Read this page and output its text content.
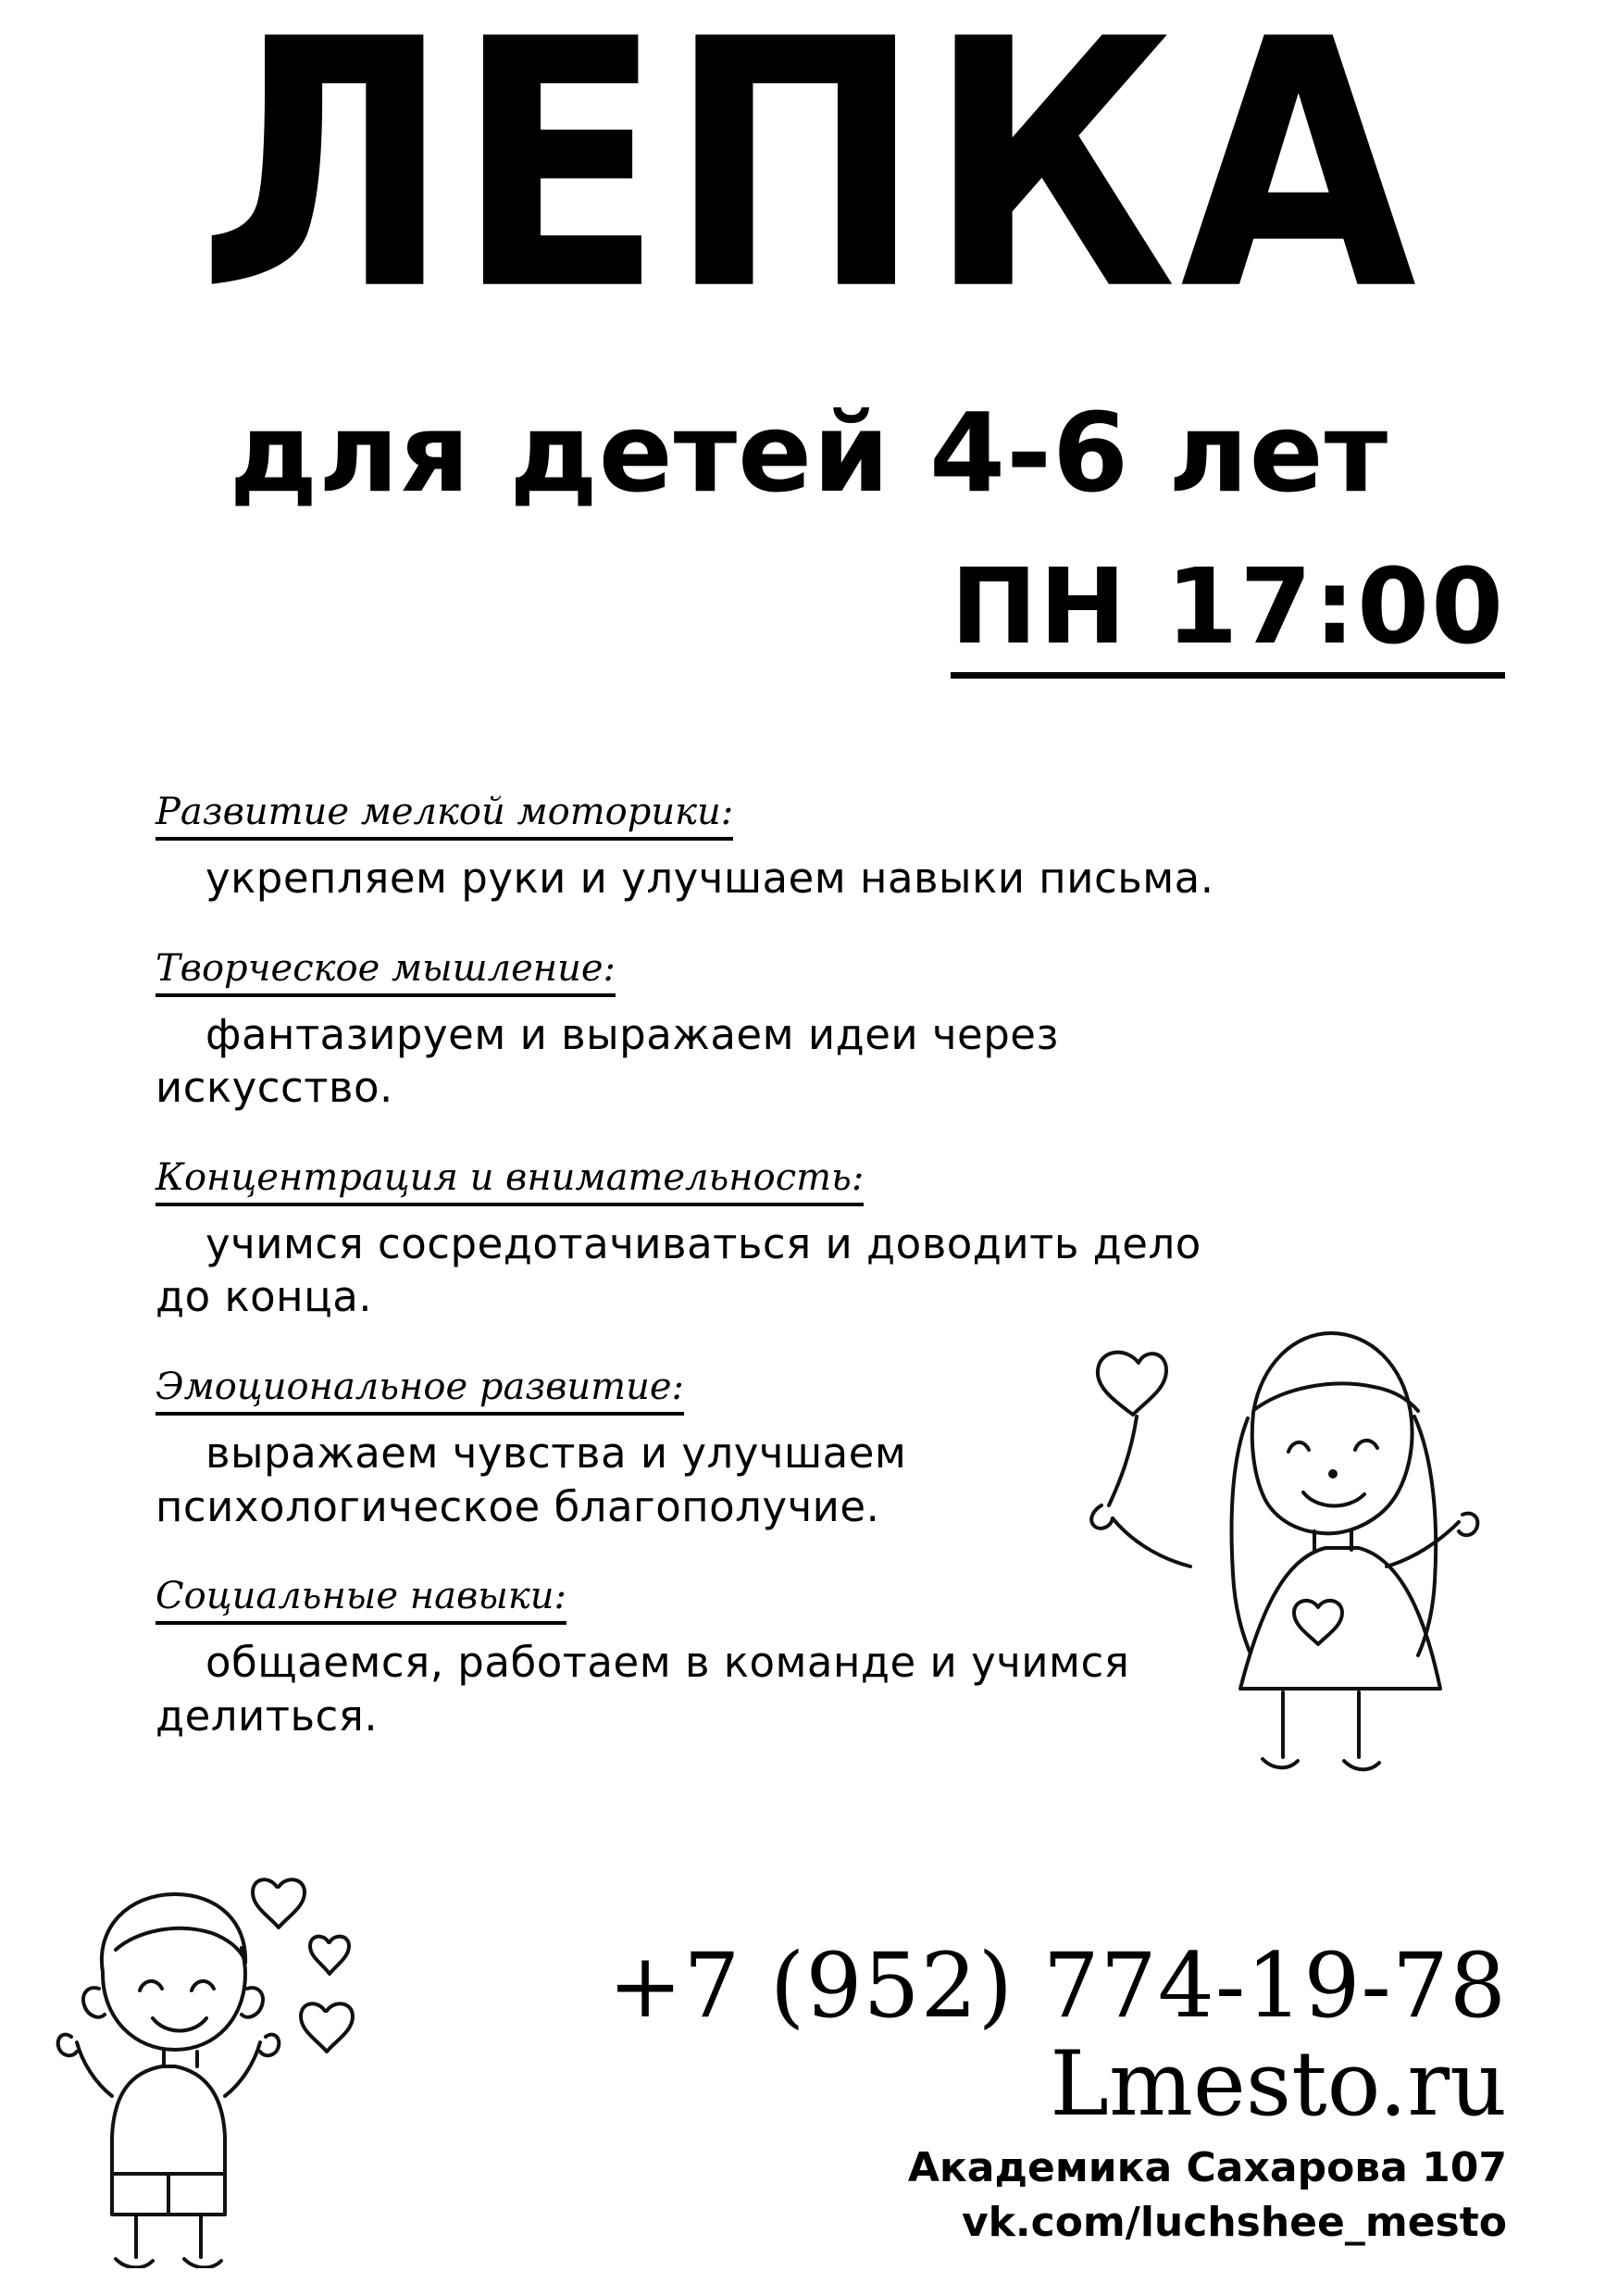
ЛЕПКА
для детей 4-6 лет
ПН 17:00
Развитие мелкой моторики:
укрепляем руки и улучшаем навыки письма.
Творческое мышление:
фантазируем и выражаем идеи через искусство.
Концентрация и внимательность:
учимся сосредотачиваться и доводить дело до конца.
Эмоциональное развитие:
выражаем чувства и улучшаем психологическое благополучие.
Социальные навыки:
общаемся, работаем в команде и учимся делиться.
+7 (952) 774-19-78
Lmesto.ru
Академика Сахарова 107
vk.com/luchshee_mesto
